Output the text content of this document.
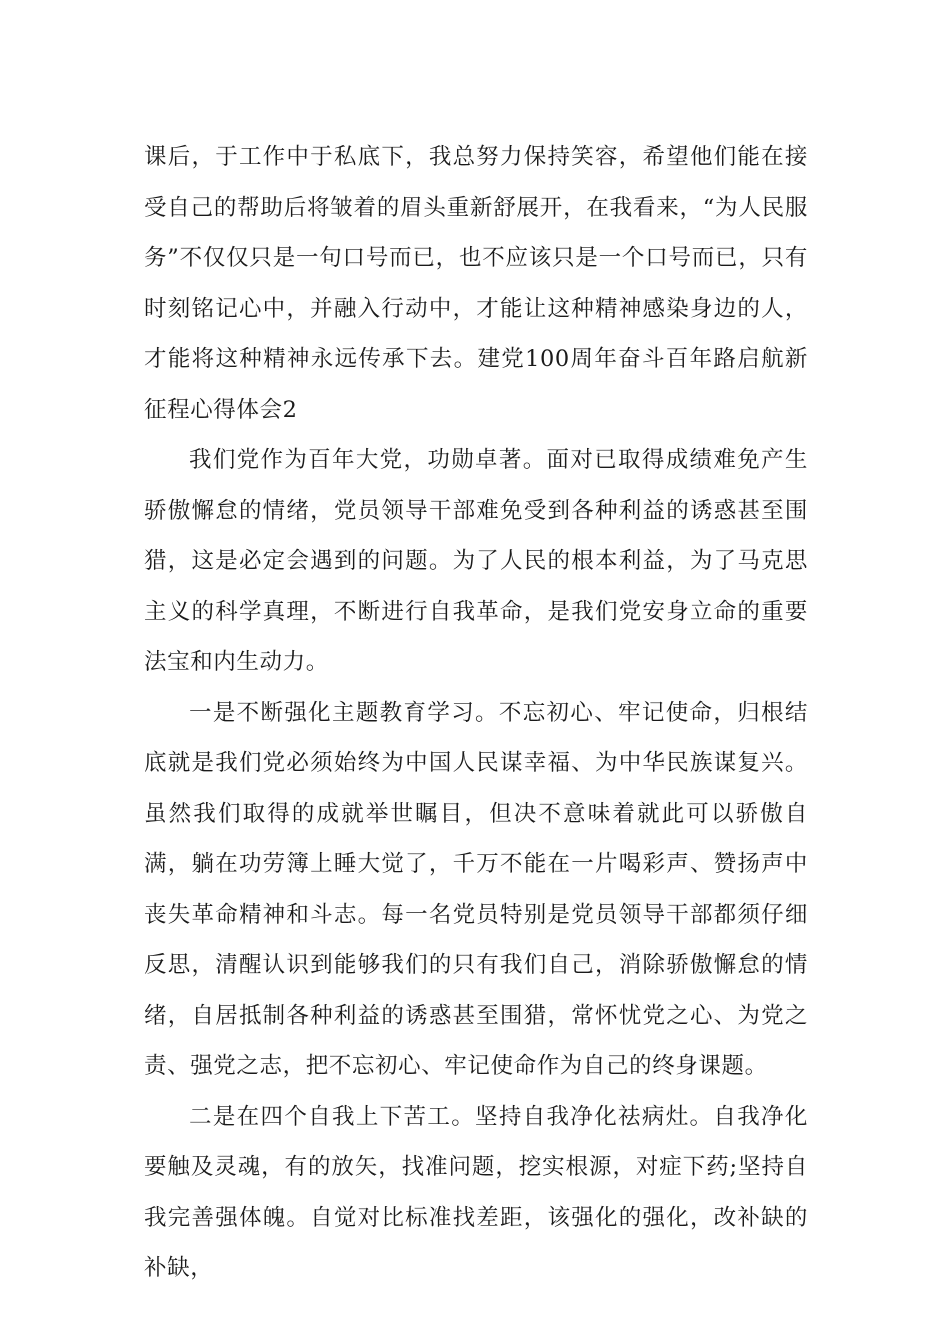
课后，于工作中于私底下，我总努力保持笑容，希望他们能在接受自己的帮助后将皱着的眉头重新舒展开，在我看来，“为人民服务”不仅仅只是一句口号而已，也不应该只是一个口号而已，只有时刻铭记心中，并融入行动中，才能让这种精神感染身边的人，才能将这种精神永远传承下去。建党100周年奋斗百年路启航新征程心得体会2

我们党作为百年大党，功勋卓著。面对已取得成绩难免产生骄傲懈怠的情绪，党员领导干部难免受到各种利益的诱惑甚至围猎，这是必定会遇到的问题。为了人民的根本利益，为了马克思主义的科学真理，不断进行自我革命，是我们党安身立命的重要法宝和内生动力。

一是不断强化主题教育学习。不忘初心、牢记使命，归根结底就是我们党必须始终为中国人民谋幸福、为中华民族谋复兴。虽然我们取得的成就举世瞩目，但决不意味着就此可以骄傲自满，躺在功劳簿上睡大觉了，千万不能在一片喝彩声、赞扬声中丧失革命精神和斗志。每一名党员特别是党员领导干部都须仔细反思，清醒认识到能够我们的只有我们自己，消除骄傲懈怠的情绪，自居抵制各种利益的诱惑甚至围猎，常怀忧党之心、为党之责、强党之志，把不忘初心、牢记使命作为自己的终身课题。

二是在四个自我上下苦工。坚持自我净化祛病灶。自我净化要触及灵魂，有的放矢，找准问题，挖实根源，对症下药;坚持自我完善强体魄。自觉对比标准找差距，该强化的强化，改补缺的补缺，
